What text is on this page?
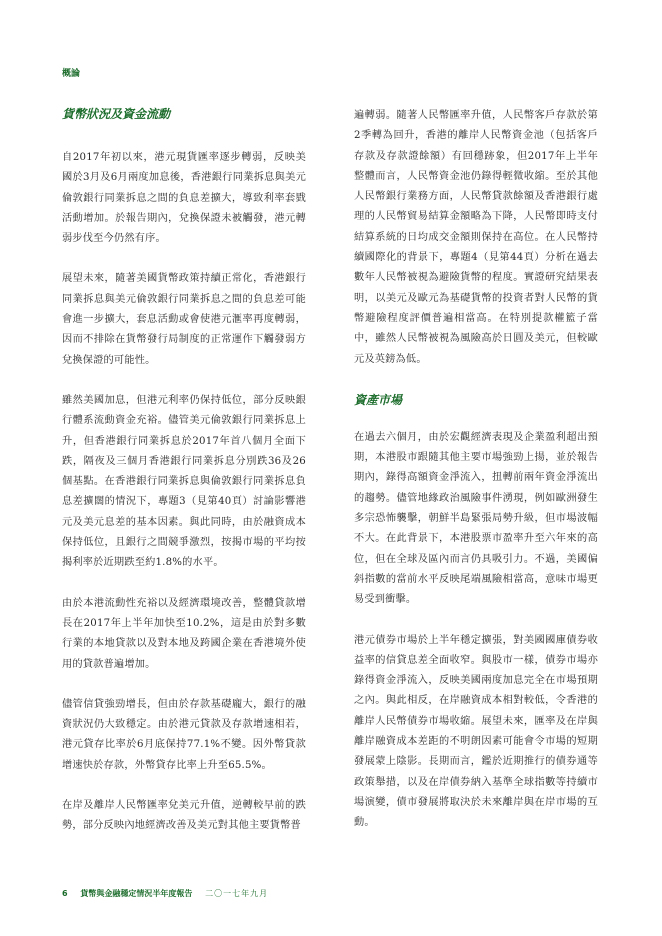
概論
貨幣狀況及資金流動

自2017年初以來，港元現貨匯率逐步轉弱，反映美國於3月及6月兩度加息後，香港銀行同業拆息與美元倫敦銀行同業拆息之間的負息差擴大，導致利率套戥活動增加。於報告期內，兌換保證未被觸發，港元轉弱步伐至今仍然有序。

展望未來，隨著美國貨幣政策持續正常化，香港銀行同業拆息與美元倫敦銀行同業拆息之間的負息差可能會進一步擴大，套息活動或會使港元滙率再度轉弱，因而不排除在貨幣發行局制度的正常運作下觸發弱方兌換保證的可能性。

雖然美國加息，但港元利率仍保持低位，部分反映銀行體系流動資金充裕。儘管美元倫敦銀行同業拆息上升，但香港銀行同業拆息於2017年首八個月全面下跌，隔夜及三個月香港銀行同業拆息分別跌36及26個基點。在香港銀行同業拆息與倫敦銀行同業拆息負息差擴闊的情況下，專題3（見第40頁）討論影響港元及美元息差的基本因素。與此同時，由於融資成本保持低位，且銀行之間競爭激烈，按揭市場的平均按揭利率於近期跌至約1.8%的水平。

由於本港流動性充裕以及經濟環境改善，整體貸款增長在2017年上半年加快至10.2%，這是由於對多數行業的本地貸款以及對本地及跨國企業在香港境外使用的貸款普遍增加。

儘管信貸強勁增長，但由於存款基礎龐大，銀行的融資狀況仍大致穩定。由於港元貸款及存款增速相若，港元貸存比率於6月底保持77.1%不變。因外幣貸款增速快於存款，外幣貸存比率上升至65.5%。

在岸及離岸人民幣匯率兌美元升值，逆轉較早前的跌勢，部分反映內地經濟改善及美元對其他主要貨幣普

遍轉弱。隨著人民幣匯率升值，人民幣客戶存款於第2季轉為回升，香港的離岸人民幣資金池（包括客戶存款及存款證餘額）有回穩跡象，但2017年上半年整體而言，人民幣資金池仍錄得輕微收縮。至於其他人民幣銀行業務方面，人民幣貸款餘額及香港銀行處理的人民幣貿易結算金額略為下降，人民幣即時支付結算系統的日均成交金額則保持在高位。在人民幣持續國際化的背景下，專題4（見第44頁）分析在過去數年人民幣被視為避險貨幣的程度。實證研究結果表明，以美元及歐元為基礎貨幣的投資者對人民幣的貨幣避險程度評價普遍相當高。在特別提款權籃子當中，雖然人民幣被視為風險高於日圓及美元，但較歐元及英鎊為低。

資產市場

在過去六個月，由於宏觀經濟表現及企業盈利超出預期，本港股市跟隨其他主要市場強勁上揚，並於報告期內，錄得高額資金淨流入，扭轉前兩年資金淨流出的趨勢。儘管地緣政治風險事件湧現，例如歐洲發生多宗恐怖襲擊，朝鮮半島緊張局勢升級，但市場波幅不大。在此背景下，本港股票市盈率升至六年來的高位，但在全球及區內而言仍具吸引力。不過，美國偏斜指數的當前水平反映尾端風險相當高，意味市場更易受到衝擊。

港元債券市場於上半年穩定擴張，對美國國庫債券收益率的信貸息差全面收窄。與股市一樣，債券市場亦錄得資金淨流入，反映美國兩度加息完全在市場預期之內。與此相反，在岸融資成本相對較低，令香港的離岸人民幣債券市場收縮。展望未來，匯率及在岸與離岸融資成本差距的不明朗因素可能會令市場的短期發展蒙上陰影。長期而言，鑑於近期推行的債券通等政策舉措，以及在岸債券納入基準全球指數等持續市場演變，債市發展將取決於未來離岸與在岸市場的互動。

6 貨幣與金融穩定情況半年度報告 二〇一七年九月
